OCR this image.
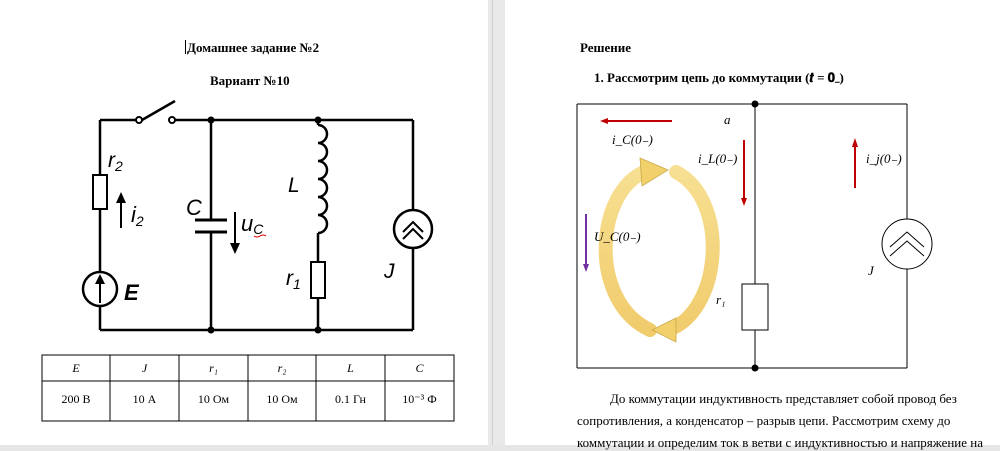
Домашнее задание №2
Вариант №10
r2
i2
E
C
uC
L
r1
J
E	J	r₁	r₂	L	C
200 В	10 А	10 Ом	10 Ом	0.1 Гн	10⁻³ Ф
Решение
1. Рассмотрим цепь до коммутации (𝒕 = 𝟎₋)
i_C(0₋)
a
i_L(0₋)	i_j(0₋)
U_C(0₋)
r₁
J
До коммутации индуктивность представляет собой провод без
сопротивления, а конденсатор – разрыв цепи. Рассмотрим схему до
коммутации и определим ток в ветви с индуктивностью и напряжение на
